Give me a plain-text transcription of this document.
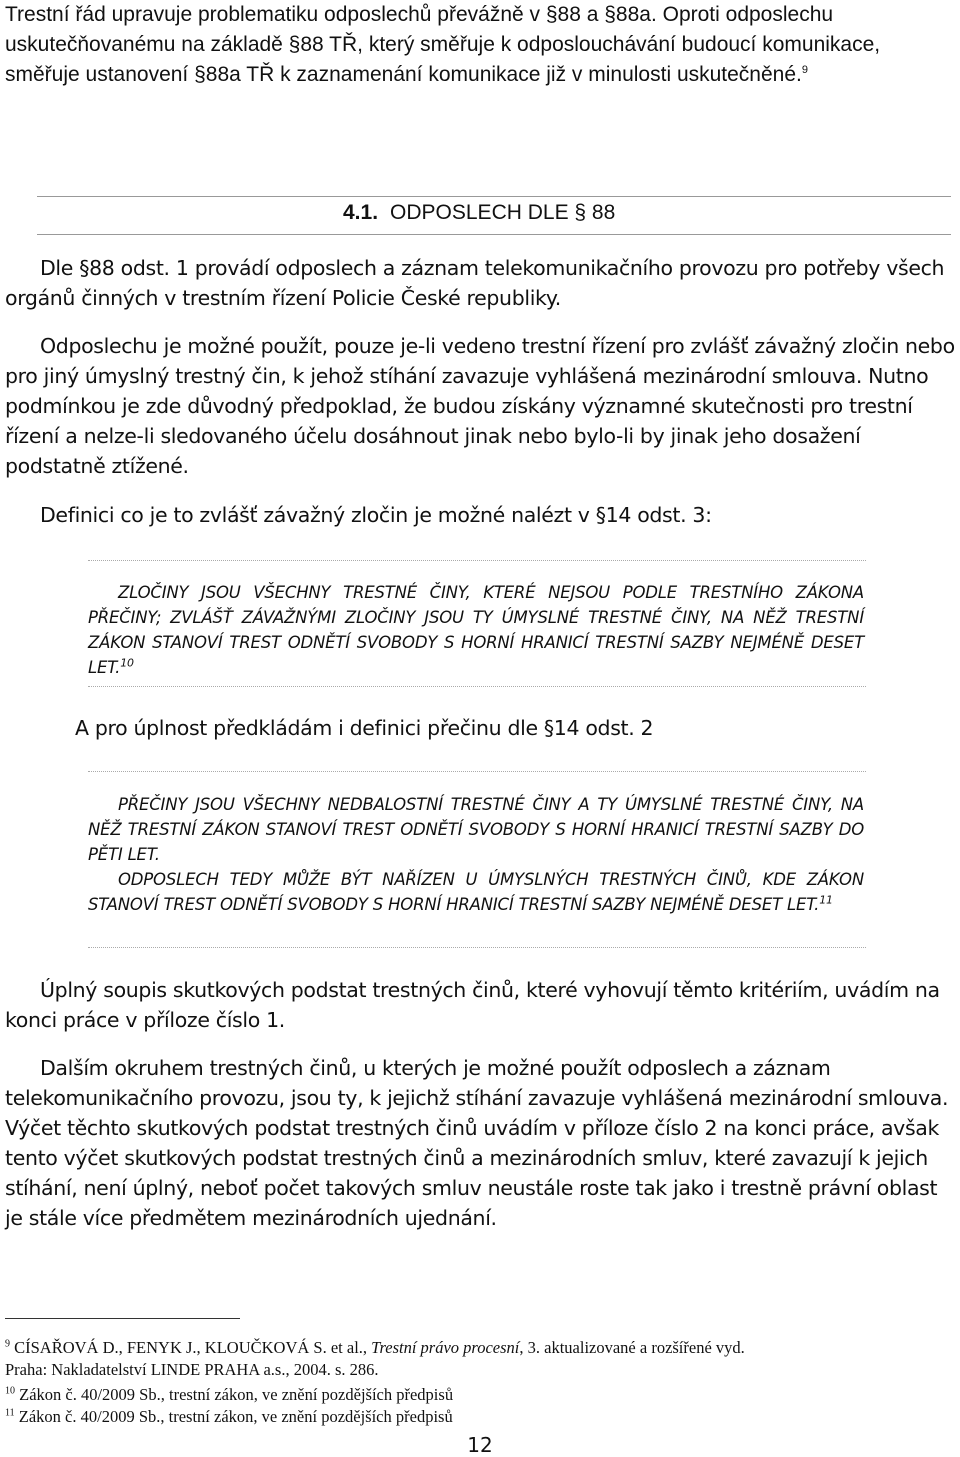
Trestní řád upravuje problematiku odposlechů převážně v §88 a §88a. Oproti odposlechu uskutečňovanému na základě §88 TŘ, který směřuje k odposlouchávání budoucí komunikace, směřuje ustanovení §88a TŘ k zaznamenání komunikace již v minulosti uskutečněné.$^9$

4.1. ODPOSLECH DLE § 88

Dle §88 odst. 1 provádí odposlech a záznam telekomunikačního provozu pro potřeby všech orgánů činných v trestním řízení Policie České republiky.

Odposlechu je možné použít, pouze je-li vedeno trestní řízení pro zvlášť závažný zločin nebo pro jiný úmyslný trestný čin, k jehož stíhání zavazuje vyhlášená mezinárodní smlouva. Nutno podmínkou je zde důvodný předpoklad, že budou získány významné skutečnosti pro trestní řízení a nelze-li sledovaného účelu dosáhnout jinak nebo bylo-li by jinak jeho dosažení podstatně ztížené.

Definici co je to zvlášť závažný zločin je možné nalézt v §14 odst. 3:

ZLOČINY JSOU VŠECHNY TRESTNÉ ČINY, KTERÉ NEJSOU PODLE TRESTNÍHO ZÁKONA PŘEČINY; ZVLÁŠŤ ZÁVAŽNÝMI ZLOČINY JSOU TY ÚMYSLNÉ TRESTNÉ ČINY, NA NĚŽ TRESTNÍ ZÁKON STANOVÍ TREST ODNĚTÍ SVOBODY S HORNÍ HRANICÍ TRESTNÍ SAZBY NEJMÉNĚ DESET LET.$^{10}$

A pro úplnost předkládám i definici přečinu dle §14 odst. 2

PŘEČINY JSOU VŠECHNY NEDBALOSTNÍ TRESTNÉ ČINY A TY ÚMYSLNÉ TRESTNÉ ČINY, NA NĚŽ TRESTNÍ ZÁKON STANOVÍ TREST ODNĚTÍ SVOBODY S HORNÍ HRANICÍ TRESTNÍ SAZBY DO PĚTI LET.
ODPOSLECH TEDY MŮŽE BÝT NAŘÍZEN U ÚMYSLNÝCH TRESTNÝCH ČINŮ, KDE ZÁKON STANOVÍ TREST ODNĚTÍ SVOBODY S HORNÍ HRANICÍ TRESTNÍ SAZBY NEJMÉNĚ DESET LET.$^{11}$

Úplný soupis skutkových podstat trestných činů, které vyhovují těmto kritériím, uvádím na konci práce v příloze číslo 1.

Dalším okruhem trestných činů, u kterých je možné použít odposlech a záznam telekomunikačního provozu, jsou ty, k jejichž stíhání zavazuje vyhlášená mezinárodní smlouva. Výčet těchto skutkových podstat trestných činů uvádím v příloze číslo 2 na konci práce, avšak tento výčet skutkových podstat trestných činů a mezinárodních smluv, které zavazují k jejich stíhání, není úplný, neboť počet takových smluv neustále roste tak jako i trestně právní oblast je stále více předmětem mezinárodních ujednání.

$^9$ CÍSAŘOVÁ D., FENYK J., KLOUČKOVÁ S. et al., Trestní právo procesní, 3. aktualizované a rozšířené vyd.
Praha: Nakladatelství LINDE PRAHA a.s., 2004. s. 286.

$^{10}$ Zákon č. 40/2009 Sb., trestní zákon, ve znění pozdějších předpisů

$^{11}$ Zákon č. 40/2009 Sb., trestní zákon, ve znění pozdějších předpisů

12
